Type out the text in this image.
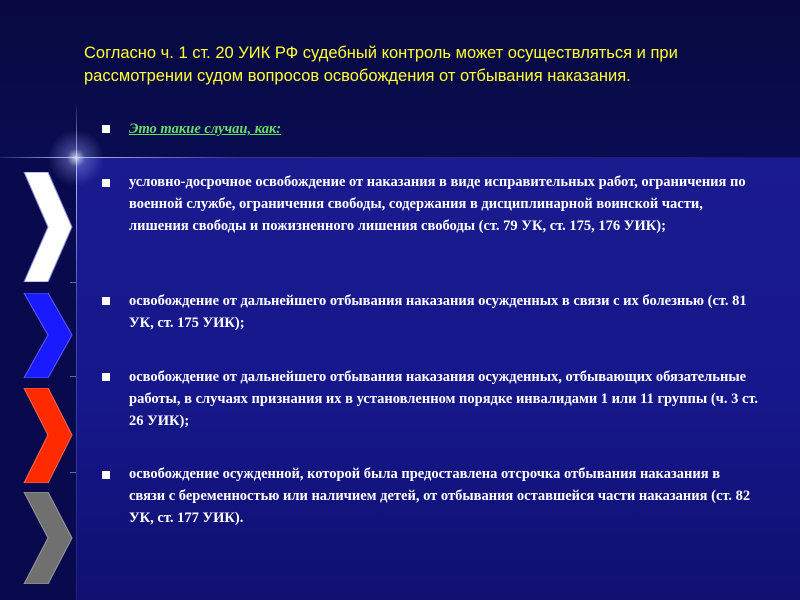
Согласно ч. 1 ст. 20 УИК РФ судебный контроль может осуществляться и при рассмотрении судом вопросов освобождения от отбывания наказания.

Это такие случаи, как:
условно-досрочное освобождение от наказания в виде исправительных работ, ограничения по военной службе, ограничения свободы, содержания в дисциплинарной воинской части, лишения свободы и пожизненного лишения свободы (ст. 79 УК, ст. 175, 176 УИК);
освобождение от дальнейшего отбывания наказания осужденных в связи с их болезнью (ст. 81 УК, ст. 175 УИК);
освобождение от дальнейшего отбывания наказания осужденных, отбывающих обязательные работы, в случаях признания их в установленном порядке инвалидами 1 или 11 группы (ч. 3 ст. 26 УИК);
освобождение осужденной, которой была предоставлена отсрочка отбывания наказания в связи с беременностью или наличием детей, от отбывания оставшейся части наказания (ст. 82 УК, ст. 177 УИК).
